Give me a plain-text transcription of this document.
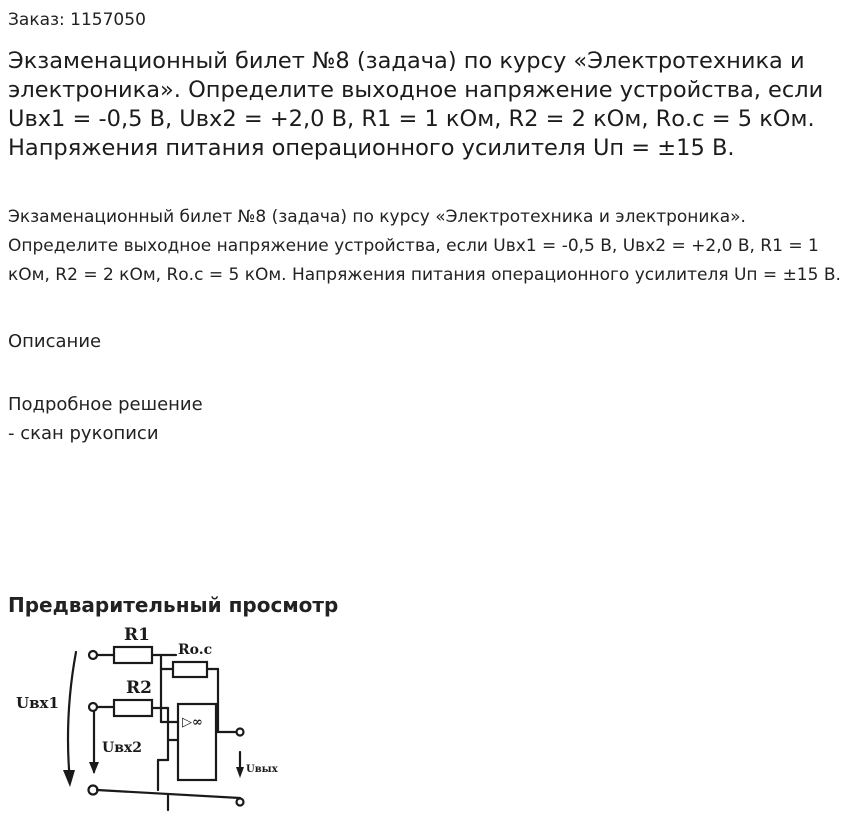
Заказ: 1157050
Экзаменационный билет №8 (задача) по курсу «Электротехника и электроника». Определите выходное напряжение устройства, если Uвх1 = -0,5 В, Uвх2 = +2,0 В, R1 = 1 кОм, R2 = 2 кОм, Rо.с = 5 кОм. Напряжения питания операционного усилителя Uп = ±15 В.

Экзаменационный билет №8 (задача) по курсу «Электротехника и электроника». Определите выходное напряжение устройства, если Uвх1 = -0,5 В, Uвх2 = +2,0 В, R1 = 1 кОм, R2 = 2 кОм, Rо.с = 5 кОм. Напряжения питания операционного усилителя Uп = ±15 В.

Описание
Подробное решение
- скан рукописи
Предварительный просмотр
R1
Ro.c
R2
▷∞
Uвх1
Uвх2
Uвых
